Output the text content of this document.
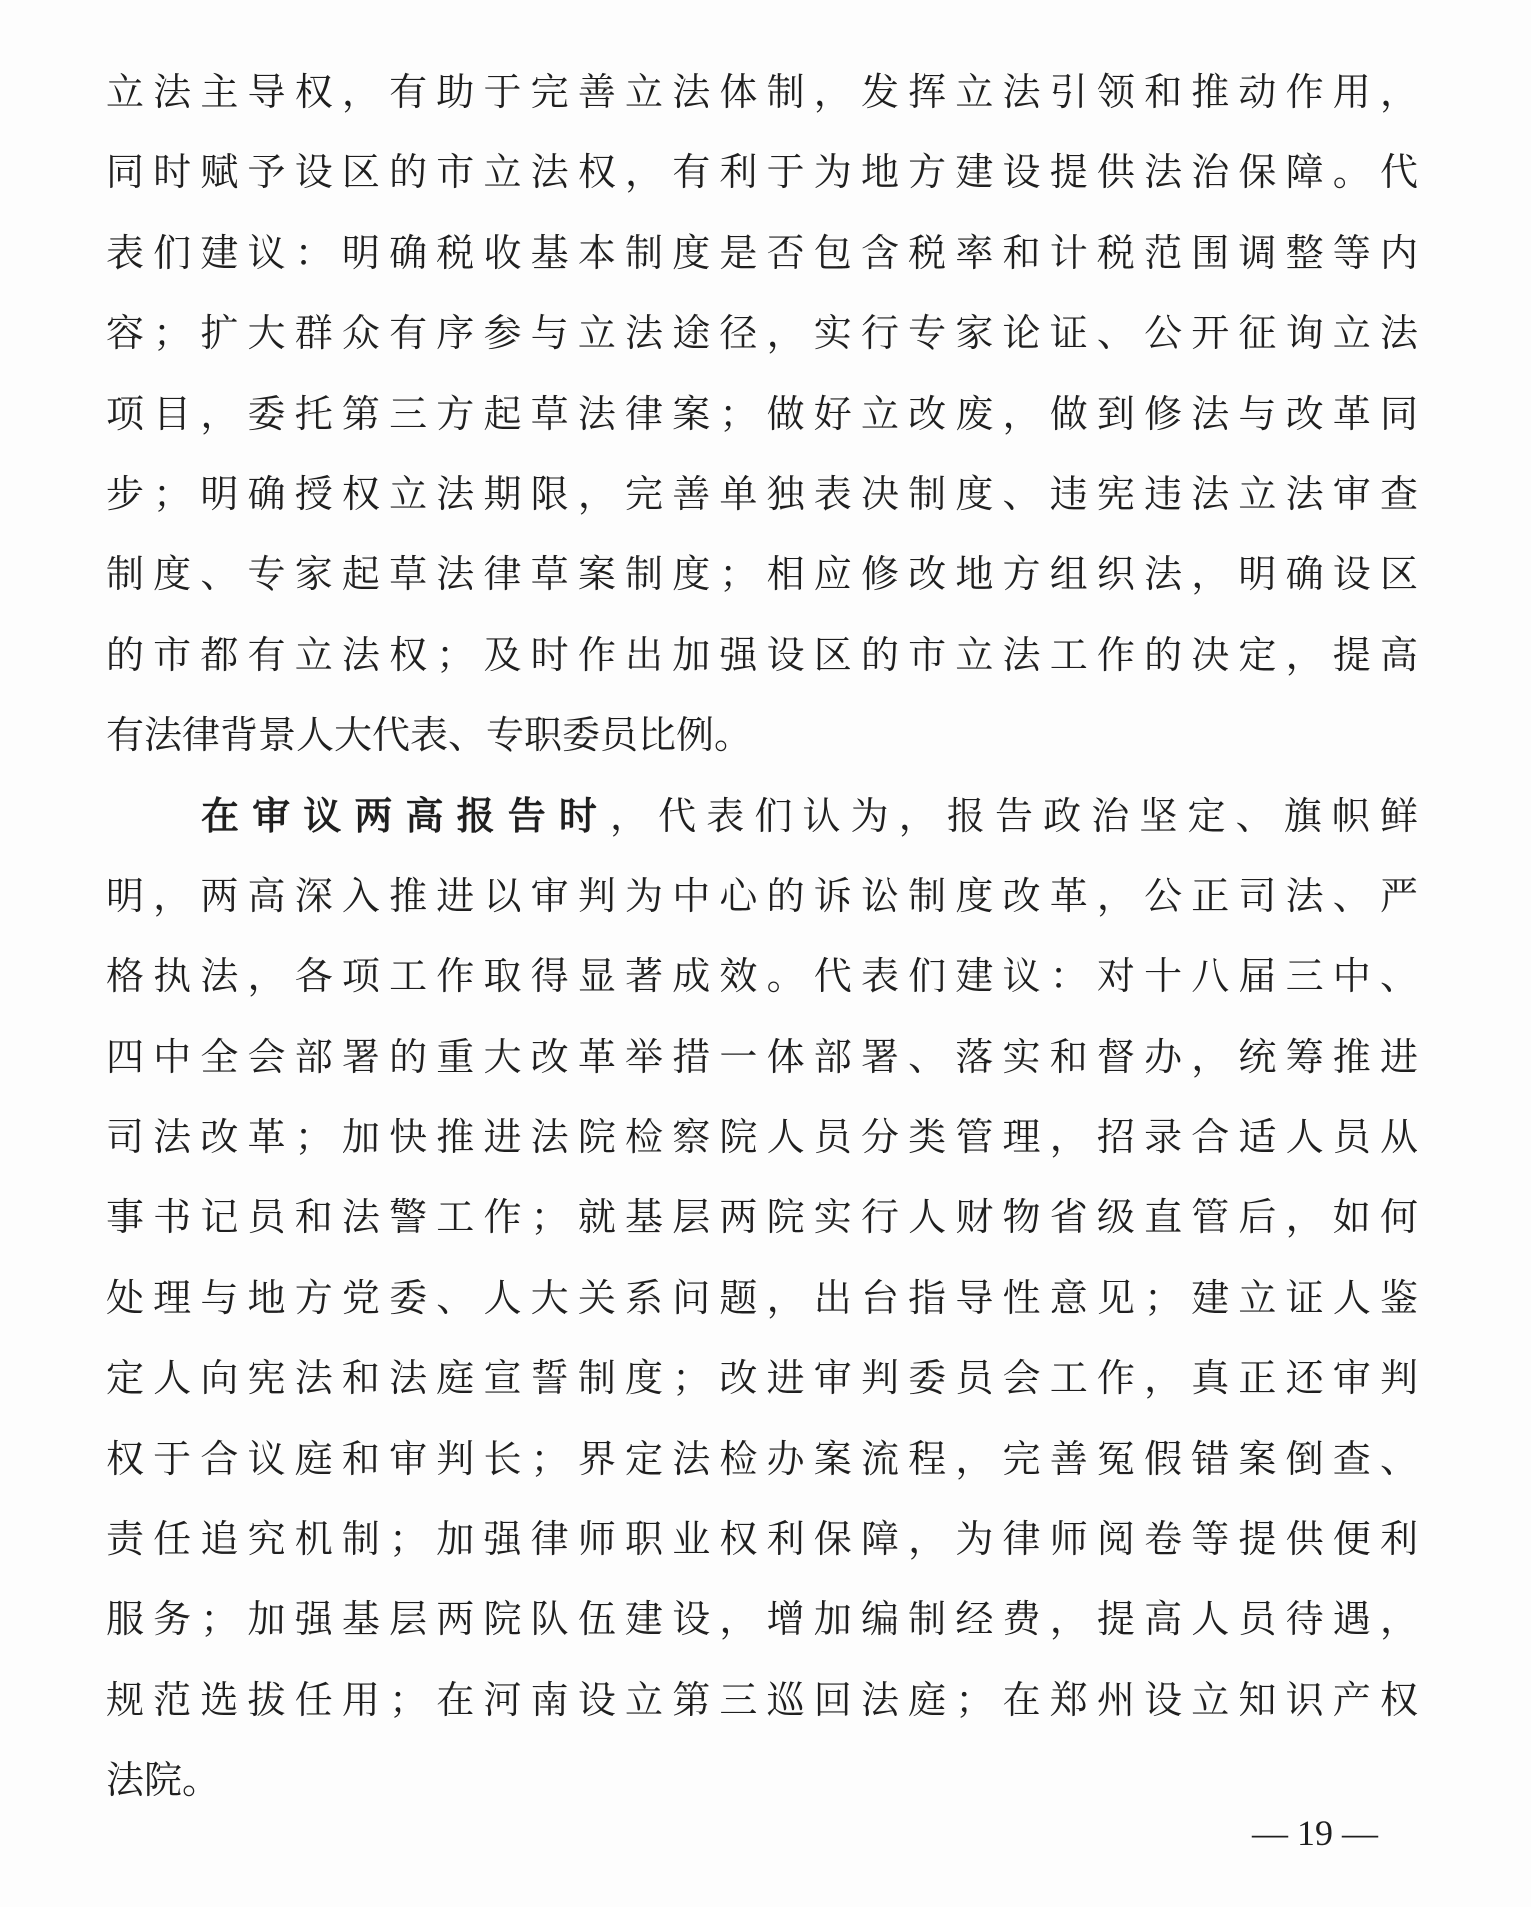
立法主导权，有助于完善立法体制，发挥立法引领和推动作用，
同时赋予设区的市立法权，有利于为地方建设提供法治保障。代
表们建议：明确税收基本制度是否包含税率和计税范围调整等内
容；扩大群众有序参与立法途径，实行专家论证、公开征询立法
项目，委托第三方起草法律案；做好立改废，做到修法与改革同
步；明确授权立法期限，完善单独表决制度、违宪违法立法审查
制度、专家起草法律草案制度；相应修改地方组织法，明确设区
的市都有立法权；及时作出加强设区的市立法工作的决定，提高
有法律背景人大代表、专职委员比例。
在审议两高报告时，代表们认为，报告政治坚定、旗帜鲜
明，两高深入推进以审判为中心的诉讼制度改革，公正司法、严
格执法，各项工作取得显著成效。代表们建议：对十八届三中、
四中全会部署的重大改革举措一体部署、落实和督办，统筹推进
司法改革；加快推进法院检察院人员分类管理，招录合适人员从
事书记员和法警工作；就基层两院实行人财物省级直管后，如何
处理与地方党委、人大关系问题，出台指导性意见；建立证人鉴
定人向宪法和法庭宣誓制度；改进审判委员会工作，真正还审判
权于合议庭和审判长；界定法检办案流程，完善冤假错案倒查、
责任追究机制；加强律师职业权利保障，为律师阅卷等提供便利
服务；加强基层两院队伍建设，增加编制经费，提高人员待遇，
规范选拔任用；在河南设立第三巡回法庭；在郑州设立知识产权
法院。
— 19 —
